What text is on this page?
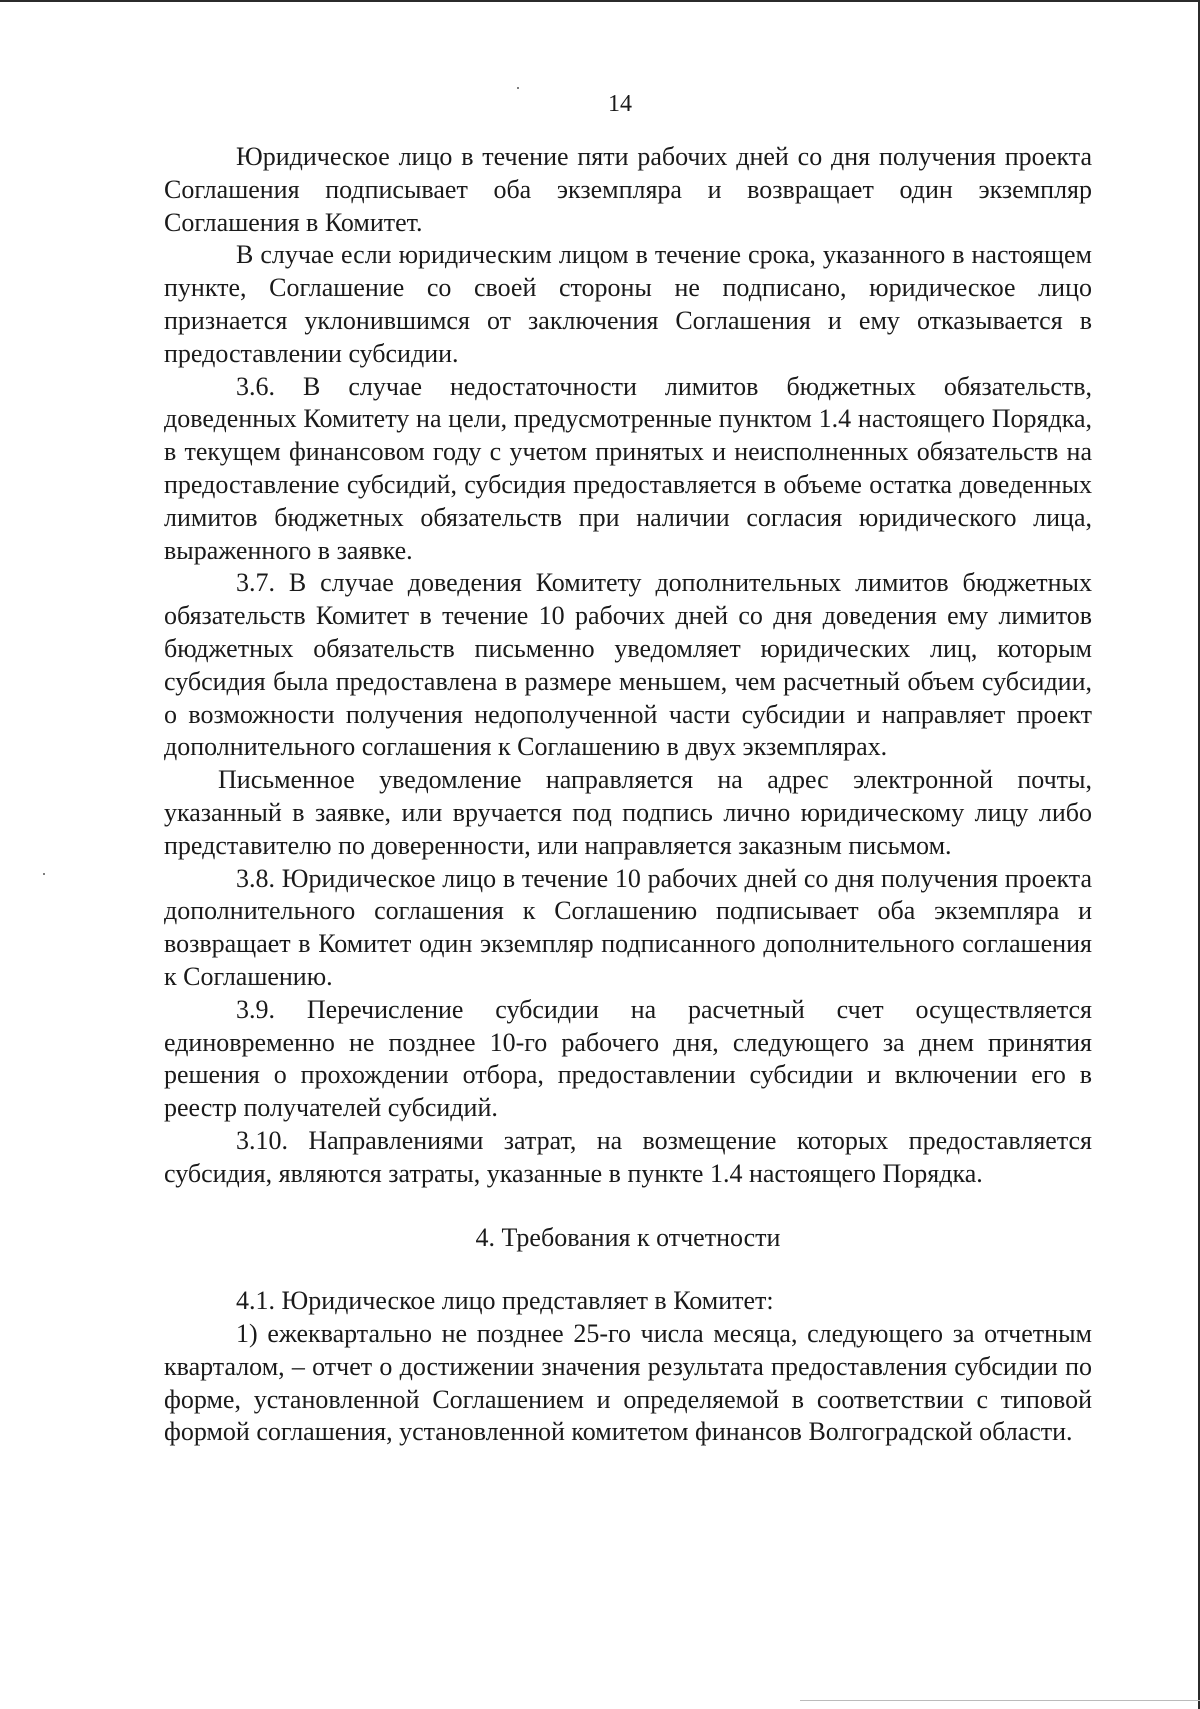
14

Юридическое лицо в течение пяти рабочих дней со дня получения проекта Соглашения подписывает оба экземпляра и возвращает один экземпляр Соглашения в Комитет.

В случае если юридическим лицом в течение срока, указанного в настоящем пункте, Соглашение со своей стороны не подписано, юридическое лицо признается уклонившимся от заключения Соглашения и ему отказывается в предоставлении субсидии.

3.6. В случае недостаточности лимитов бюджетных обязательств, доведенных Комитету на цели, предусмотренные пунктом 1.4 настоящего Порядка, в текущем финансовом году с учетом принятых и неисполненных обязательств на предоставление субсидий, субсидия предоставляется в объеме остатка доведенных лимитов бюджетных обязательств при наличии согласия юридического лица, выраженного в заявке.

3.7. В случае доведения Комитету дополнительных лимитов бюджетных обязательств Комитет в течение 10 рабочих дней со дня доведения ему лимитов бюджетных обязательств письменно уведомляет юридических лиц, которым субсидия была предоставлена в размере меньшем, чем расчетный объем субсидии, о возможности получения недополученной части субсидии и направляет проект дополнительного соглашения к Соглашению в двух экземплярах.

Письменное уведомление направляется на адрес электронной почты, указанный в заявке, или вручается под подпись лично юридическому лицу либо представителю по доверенности, или направляется заказным письмом.

3.8. Юридическое лицо в течение 10 рабочих дней со дня получения проекта дополнительного соглашения к Соглашению подписывает оба экземпляра и возвращает в Комитет один экземпляр подписанного дополнительного соглашения к Соглашению.

3.9. Перечисление субсидии на расчетный счет осуществляется единовременно не позднее 10-го рабочего дня, следующего за днем принятия решения о прохождении отбора, предоставлении субсидии и включении его в реестр получателей субсидий.

3.10. Направлениями затрат, на возмещение которых предоставляется субсидия, являются затраты, указанные в пункте 1.4 настоящего Порядка.

4. Требования к отчетности

4.1. Юридическое лицо представляет в Комитет:

1) ежеквартально не позднее 25-го числа месяца, следующего за отчетным кварталом, – отчет о достижении значения результата предоставления субсидии по форме, установленной Соглашением и определяемой в соответствии с типовой формой соглашения, установленной комитетом финансов Волгоградской области.
